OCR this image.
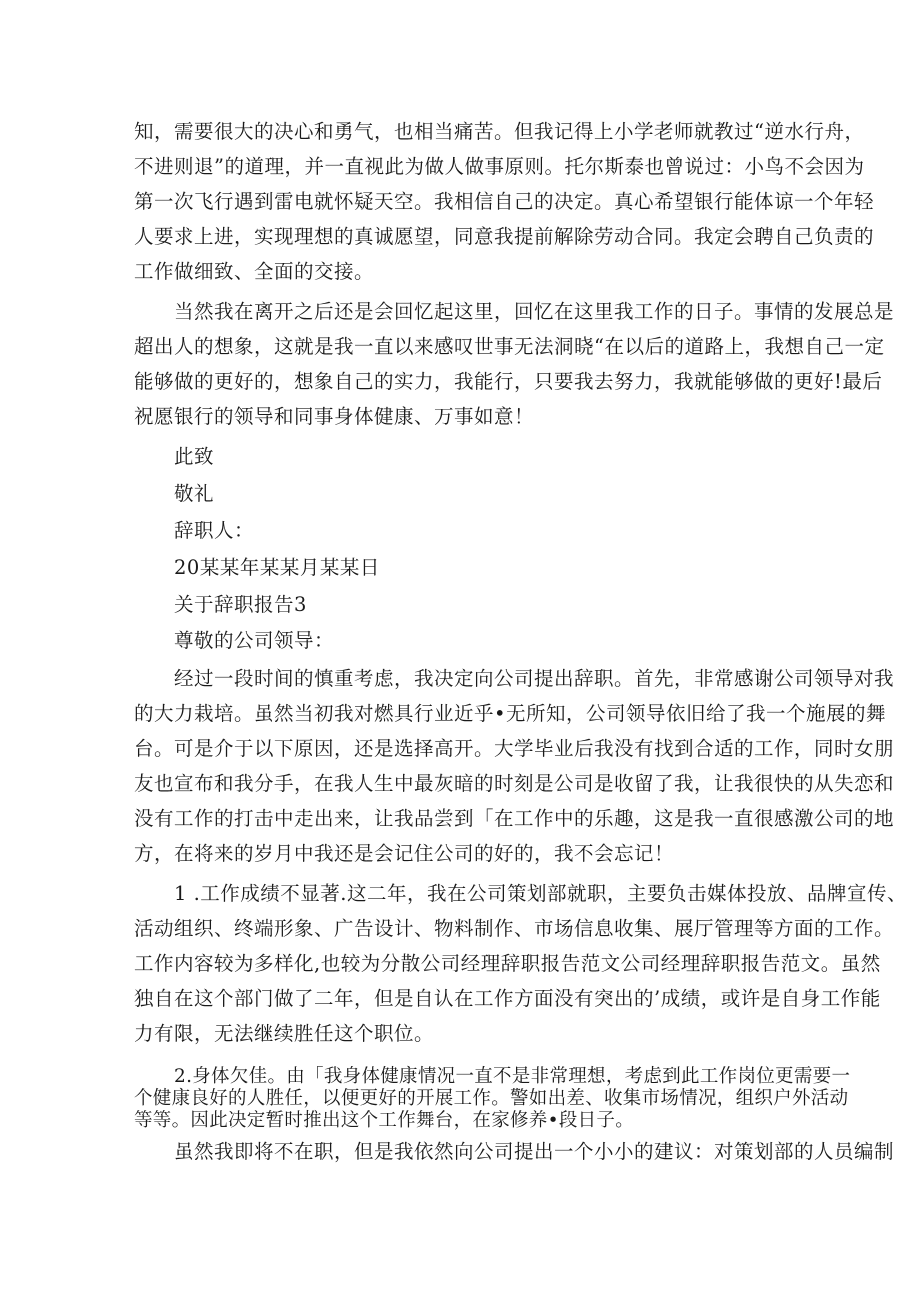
知，需要很大的决心和勇气，也相当痛苦。但我记得上小学老师就教过“逆水行舟，
不进则退”的道理，并一直视此为做人做事原则。托尔斯泰也曾说过：小鸟不会因为
第一次飞行遇到雷电就怀疑天空。我相信自己的决定。真心希望银行能体谅一个年轻
人要求上进，实现理想的真诚愿望，同意我提前解除劳动合同。我定会聘自己负责的
工作做细致、全面的交接。
当然我在离开之后还是会回忆起这里，回忆在这里我工作的日子。事情的发展总是
超出人的想象，这就是我一直以来感叹世事无法洞晓“在以后的道路上，我想自己一定
能够做的更好的，想象自己的实力，我能行，只要我去努力，我就能够做的更好!最后
祝愿银行的领导和同事身体健康、万事如意！
此致
敬礼
辞职人：
20某某年某某月某某日
关于辞职报告3
尊敬的公司领导：
经过一段时间的慎重考虑，我决定向公司提出辞职。首先，非常感谢公司领导对我
的大力栽培。虽然当初我对燃具行业近乎•无所知，公司领导依旧给了我一个施展的舞
台。可是介于以下原因，还是选择高开。大学毕业后我没有找到合适的工作，同时女朋
友也宣布和我分手，在我人生中最灰暗的时刻是公司是收留了我，让我很快的从失恋和
没有工作的打击中走出来，让我品尝到「在工作中的乐趣，这是我一直很感激公司的地
方，在将来的岁月中我还是会记住公司的好的，我不会忘记！
1 .工作成绩不显著.这二年，我在公司策划部就职，主要负击媒体投放、品牌宣传、
活动组织、终端形象、广告设计、物料制作、市场信息收集、展厅管理等方面的工作。
工作内容较为多样化,也较为分散公司经理辞职报告范文公司经理辞职报告范文。虽然
独自在这个部门做了二年，但是自认在工作方面没有突出的’成绩，或许是自身工作能
力有限，无法继续胜任这个职位。
2.身体欠佳。由「我身体健康情况一直不是非常理想，考虑到此工作岗位更需要一
个健康良好的人胜任，以便更好的开展工作。警如出差、收集市场情况，组织户外活动
等等。因此决定暂时推出这个工作舞台，在家修养•段日子。
虽然我即将不在职，但是我依然向公司提出一个小小的建议：对策划部的人员编制
